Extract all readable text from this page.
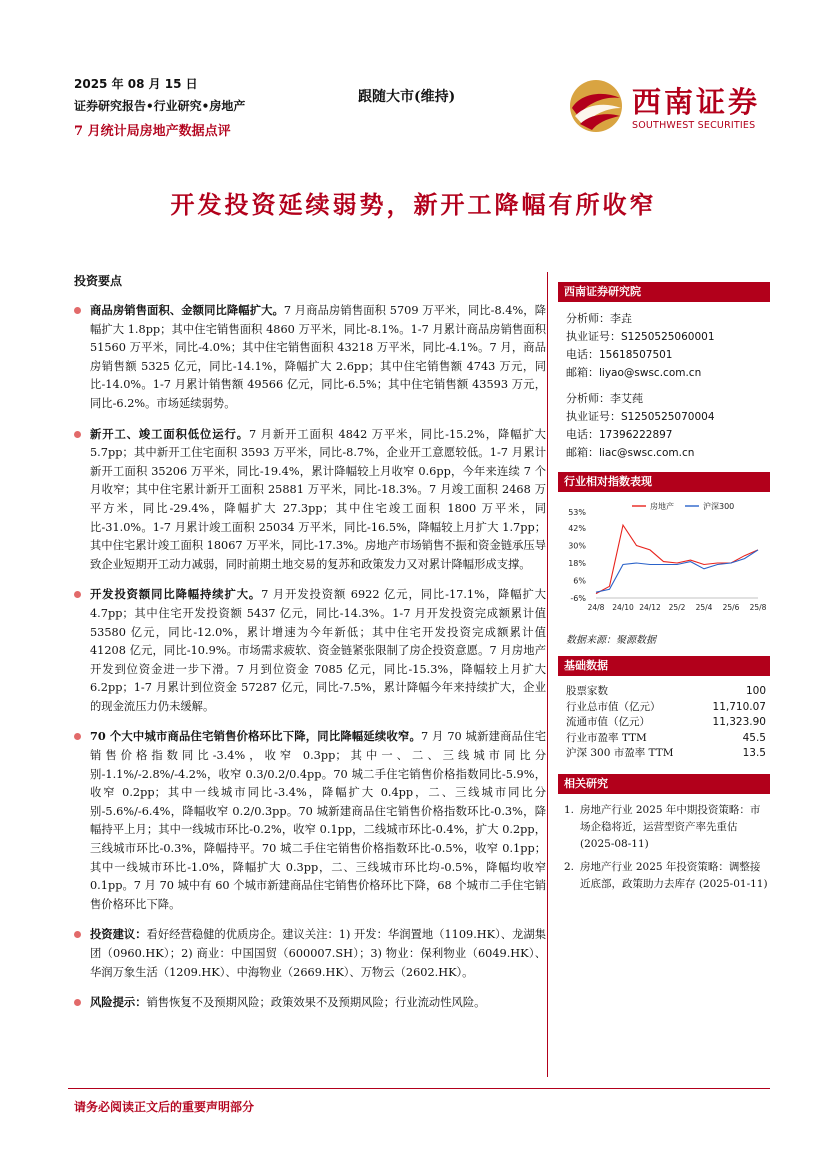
2025 年 08 月 15 日
证券研究报告•行业研究•房地产
7 月统计局房地产数据点评
跟随大市(维持)	西南证券
SOUTHWEST SECURITIES
开发投资延续弱势，新开工降幅有所收窄
投资要点
商品房销售面积、金额同比降幅扩大。7 月商品房销售面积 5709 万平米，同比-8.4%，降幅扩大 1.8pp；其中住宅销售面积 4860 万平米，同比-8.1%。1-7 月累计商品房销售面积 51560 万平米，同比-4.0%；其中住宅销售面积 43218 万平米，同比-4.1%。7 月，商品房销售额 5325 亿元，同比-14.1%，降幅扩大 2.6pp；其中住宅销售额 4743 万元，同比-14.0%。1-7 月累计销售额 49566 亿元，同比-6.5%；其中住宅销售额 43593 万元，同比-6.2%。市场延续弱势。
新开工、竣工面积低位运行。7 月新开工面积 4842 万平米，同比-15.2%，降幅扩大 5.7pp；其中新开工住宅面积 3593 万平米，同比-8.7%，企业开工意愿较低。1-7 月累计新开工面积 35206 万平米，同比-19.4%，累计降幅较上月收窄 0.6pp，今年来连续 7 个月收窄；其中住宅累计新开工面积 25881 万平米，同比-18.3%。7 月竣工面积 2468 万平方米，同比-29.4%，降幅扩大 27.3pp；其中住宅竣工面积 1800 万平米，同比-31.0%。1-7 月累计竣工面积 25034 万平米，同比-16.5%，降幅较上月扩大 1.7pp；其中住宅累计竣工面积 18067 万平米，同比-17.3%。房地产市场销售不振和资金链承压导致企业短期开工动力减弱，同时前期土地交易的复苏和政策发力又对累计降幅形成支撑。
开发投资额同比降幅持续扩大。7 月开发投资额 6922 亿元，同比-17.1%，降幅扩大 4.7pp；其中住宅开发投资额 5437 亿元，同比-14.3%。1-7 月开发投资完成额累计值 53580 亿元，同比-12.0%，累计增速为今年新低；其中住宅开发投资完成额累计值 41208 亿元，同比-10.9%。市场需求疲软、资金链紧张限制了房企投资意愿。7 月房地产开发到位资金进一步下滑。7 月到位资金 7085 亿元，同比-15.3%，降幅较上月扩大 6.2pp；1-7 月累计到位资金 57287 亿元，同比-7.5%，累计降幅今年来持续扩大，企业的现金流压力仍未缓解。
70 个大中城市商品住宅销售价格环比下降，同比降幅延续收窄。7 月 70 城新建商品住宅销售价格指数同比-3.4%，收窄 0.3pp；其中一、二、三线城市同比分别-1.1%/-2.8%/-4.2%，收窄 0.3/0.2/0.4pp。70 城二手住宅销售价格指数同比-5.9%，收窄 0.2pp；其中一线城市同比-3.4%，降幅扩大 0.4pp，二、三线城市同比分别-5.6%/-6.4%，降幅收窄 0.2/0.3pp。70 城新建商品住宅销售价格指数环比-0.3%，降幅持平上月；其中一线城市环比-0.2%，收窄 0.1pp，二线城市环比-0.4%，扩大 0.2pp，三线城市环比-0.3%，降幅持平。70 城二手住宅销售价格指数环比-0.5%，收窄 0.1pp；其中一线城市环比-1.0%，降幅扩大 0.3pp，二、三线城市环比均-0.5%，降幅均收窄 0.1pp。7 月 70 城中有 60 个城市新建商品住宅销售价格环比下降，68 个城市二手住宅销售价格环比下降。
投资建议：看好经营稳健的优质房企。建议关注：1) 开发：华润置地（1109.HK）、龙湖集团（0960.HK）；2) 商业：中国国贸（600007.SH）；3) 物业：保利物业（6049.HK）、华润万象生活（1209.HK）、中海物业（2669.HK）、万物云（2602.HK）。
风险提示：销售恢复不及预期风险；政策效果不及预期风险；行业流动性风险。
西南证券研究院
分析师：李垚
执业证号：S1250525060001
电话：15618507501
邮箱：liyao@swsc.com.cn
分析师：李艾莼
执业证号：S1250525070004
电话：17396222897
邮箱：liac@swsc.com.cn
行业相对指数表现
53%
42%
30%
18%
6%
-6%
24/8 24/10 24/12 25/2 25/4 25/6 25/8
房地产	沪深300
数据来源：聚源数据
基础数据
股票家数	100
行业总市值（亿元）	11,710.07
流通市值（亿元）	11,323.90
行业市盈率 TTM	45.5
沪深 300 市盈率 TTM	13.5
相关研究
1. 房地产行业 2025 年中期投资策略：市场企稳将近，运营型资产率先重估 (2025-08-11)
2. 房地产行业 2025 年投资策略：调整接近底部，政策助力去库存 (2025-01-11)
请务必阅读正文后的重要声明部分
